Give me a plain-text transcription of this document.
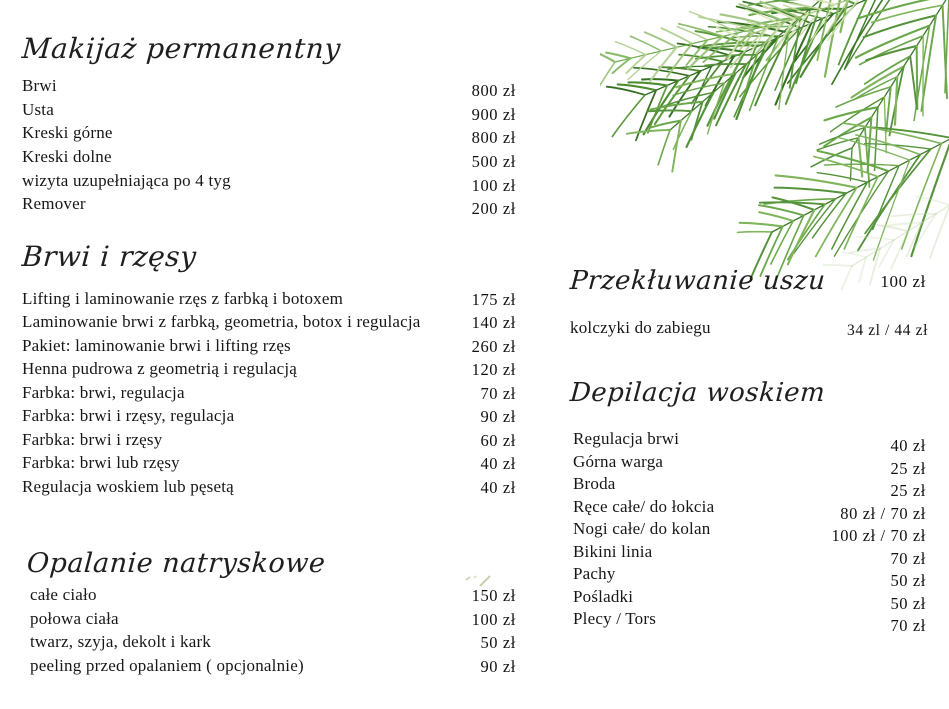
Makijaż permanentny
Brwi	800 zł
Usta	900 zł
Kreski górne	800 zł
Kreski dolne	500 zł
wizyta uzupełniająca po 4 tyg	100 zł
Remover	200 zł
Brwi i rzęsy
Lifting i laminowanie rzęs z farbką i botoxem	175 zł
Laminowanie brwi z farbką, geometria, botox i regulacja	140 zł
Pakiet: laminowanie brwi i lifting rzęs	260 zł
Henna pudrowa z geometrią i regulacją	120 zł
Farbka: brwi, regulacja	70 zł
Farbka: brwi i rzęsy, regulacja	90 zł
Farbka: brwi i rzęsy	60 zł
Farbka: brwi lub rzęsy	40 zł
Regulacja woskiem lub pęsetą	40 zł
Opalanie natryskowe
całe ciało	150 zł
połowa ciała	100 zł
twarz, szyja, dekolt i kark	50 zł
peeling przed opalaniem ( opcjonalnie)	90 zł
Przekłuwanie uszu	100 zł
kolczyki do zabiegu	34 zl / 44 zł
Depilacja woskiem
Regulacja brwi	40 zł
Górna warga	25 zł
Broda	25 zł
Ręce całe/ do łokcia	80 zł / 70 zł
Nogi całe/ do kolan	100 zł / 70 zł
Bikini linia	70 zł
Pachy	50 zł
Pośladki	50 zł
Plecy / Tors	70 zł
